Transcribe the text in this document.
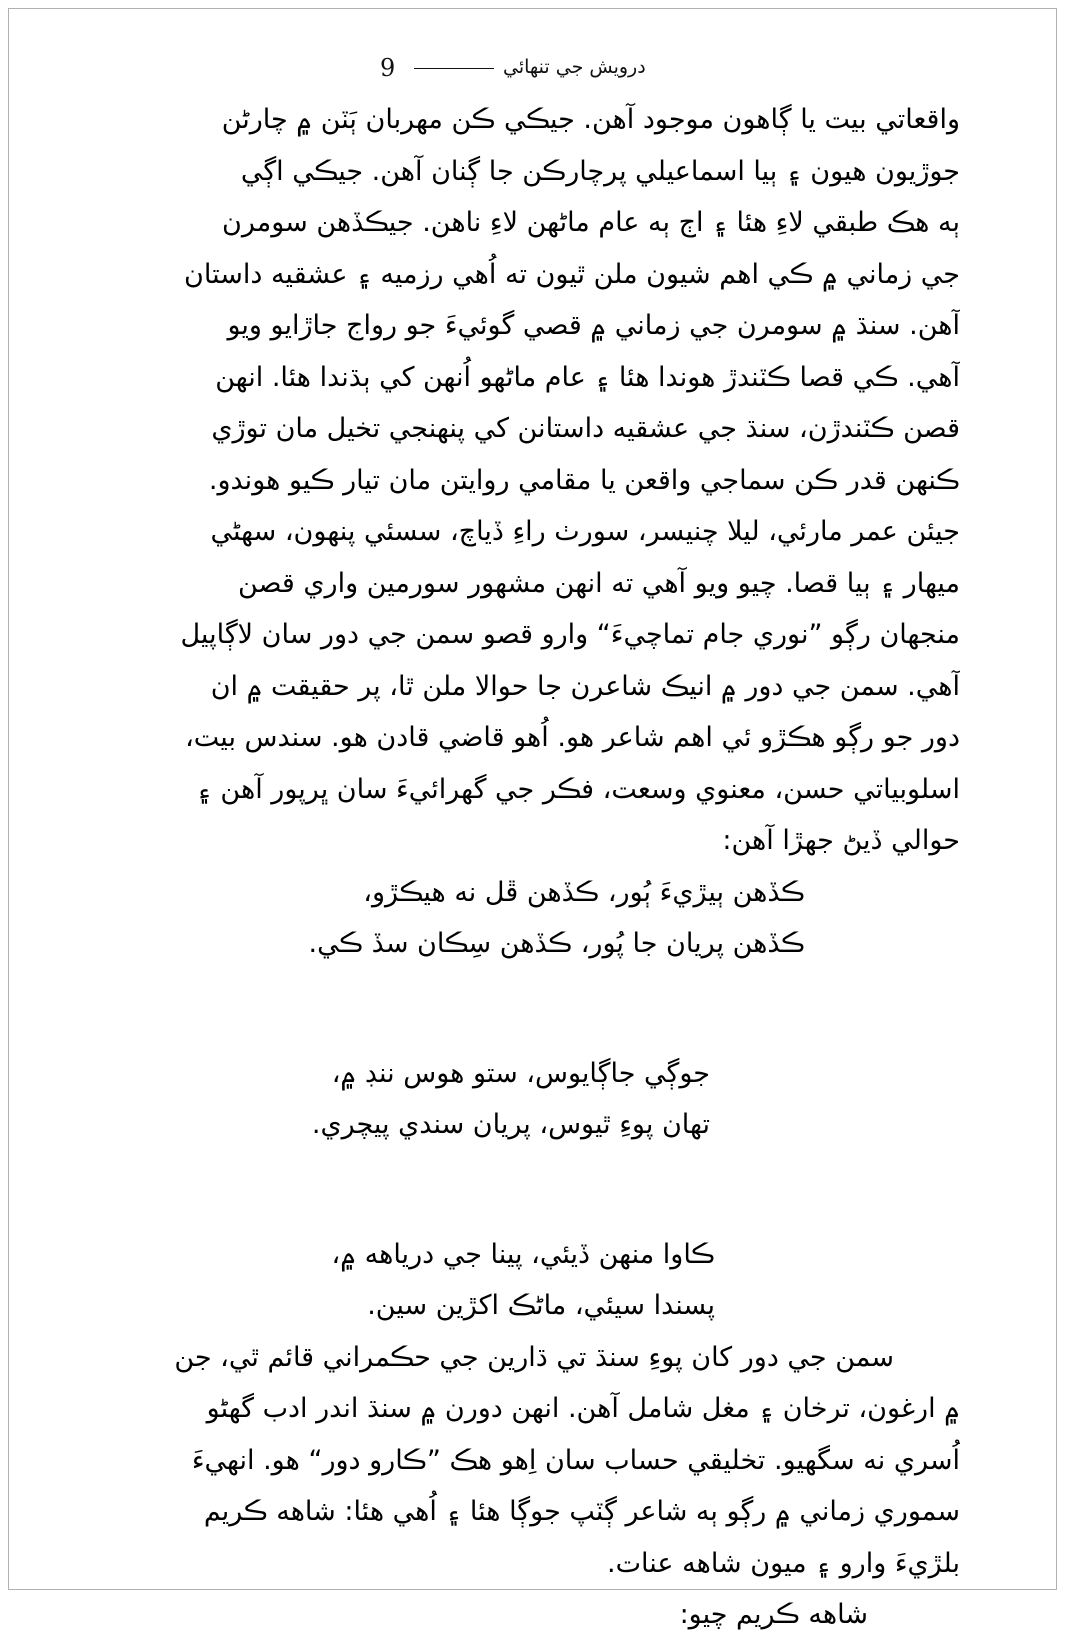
9	درويش جي تنهائي
واقعاتي بيت يا ڳاهون موجود آهن. جيڪي ڪن مهربان ٻَٽن ۾ چارڻن
جوڙيون هيون ۽ ٻيا اسماعيلي پرچارڪن جا ڳنان آهن. جيڪي اڳي
ٻه هڪ طبقي لاءِ هئا ۽ اڄ ٻه عام ماڻهن لاءِ ناهن. جيڪڏهن سومرن
جي زماني ۾ ڪي اهم شيون ملن ٿيون ته اُهي رزميه ۽ عشقيه داستان
آهن. سنڌ ۾ سومرن جي زماني ۾ قصي گوئيءَ جو رواج جاڙايو ويو
آهي. ڪي قصا ڪٽندڙ هوندا هئا ۽ عام ماڻهو اُنهن کي ٻڌندا هئا. انهن
قصن ڪٽندڙن، سنڌ جي عشقيه داستانن کي پنهنجي تخيل مان توڙي
ڪنهن قدر ڪن سماجي واقعن يا مقامي روايتن مان تيار ڪيو هوندو.
جيئن عمر مارئي، ليلا چنيسر، سورٺ راءِ ڏياچ، سسئي پنهون، سهڻي
ميهار ۽ ٻيا قصا. چيو ويو آهي ته انهن مشهور سورمين واري قصن
منجهان رڳو ”نوري جام تماچيءَ“ وارو قصو سمن جي دور سان لاڳاپيل
آهي. سمن جي دور ۾ انيڪ شاعرن جا حوالا ملن ٿا، پر حقيقت ۾ ان
دور جو رڳو هڪڙو ئي اهم شاعر هو. اُهو قاضي قادن هو. سندس بيت،
اسلوبياتي حسن، معنوي وسعت، فڪر جي گهرائيءَ سان ڀرپور آهن ۽
حوالي ڏيڻ جهڙا آهن:
ڪڏهن ٻيڙيءَ ٻُور، ڪڏهن ڦل نه هيڪڙو،
ڪڏهن پريان جا پُور، ڪڏهن سِڪان سڏ ڪي.
جوڳي جاڳايوس، ستو هوس ننڊ ۾،
تهان پوءِ ٿيوس، پريان سندي پيچري.
ڪاوا منهن ڏيئي، پينا جي درياهه ۾،
پسندا سيئي، ماڻڪ اکڙين سين.
سمن جي دور کان پوءِ سنڌ تي ڌارين جي حڪمراني قائم ٿي، جن
۾ ارغون، ترخان ۽ مغل شامل آهن. انهن دورن ۾ سنڌ اندر ادب گهڻو
اُسري نه سگهيو. تخليقي حساب سان اِهو هڪ ”ڪارو دور“ هو. انهيءَ
سموري زماني ۾ رڳو ٻه شاعر ڳٽپ جوڳا هئا ۽ اُهي هئا: شاهه ڪريم
بلڙيءَ وارو ۽ ميون شاهه عنات.
شاهه ڪريم چيو:
